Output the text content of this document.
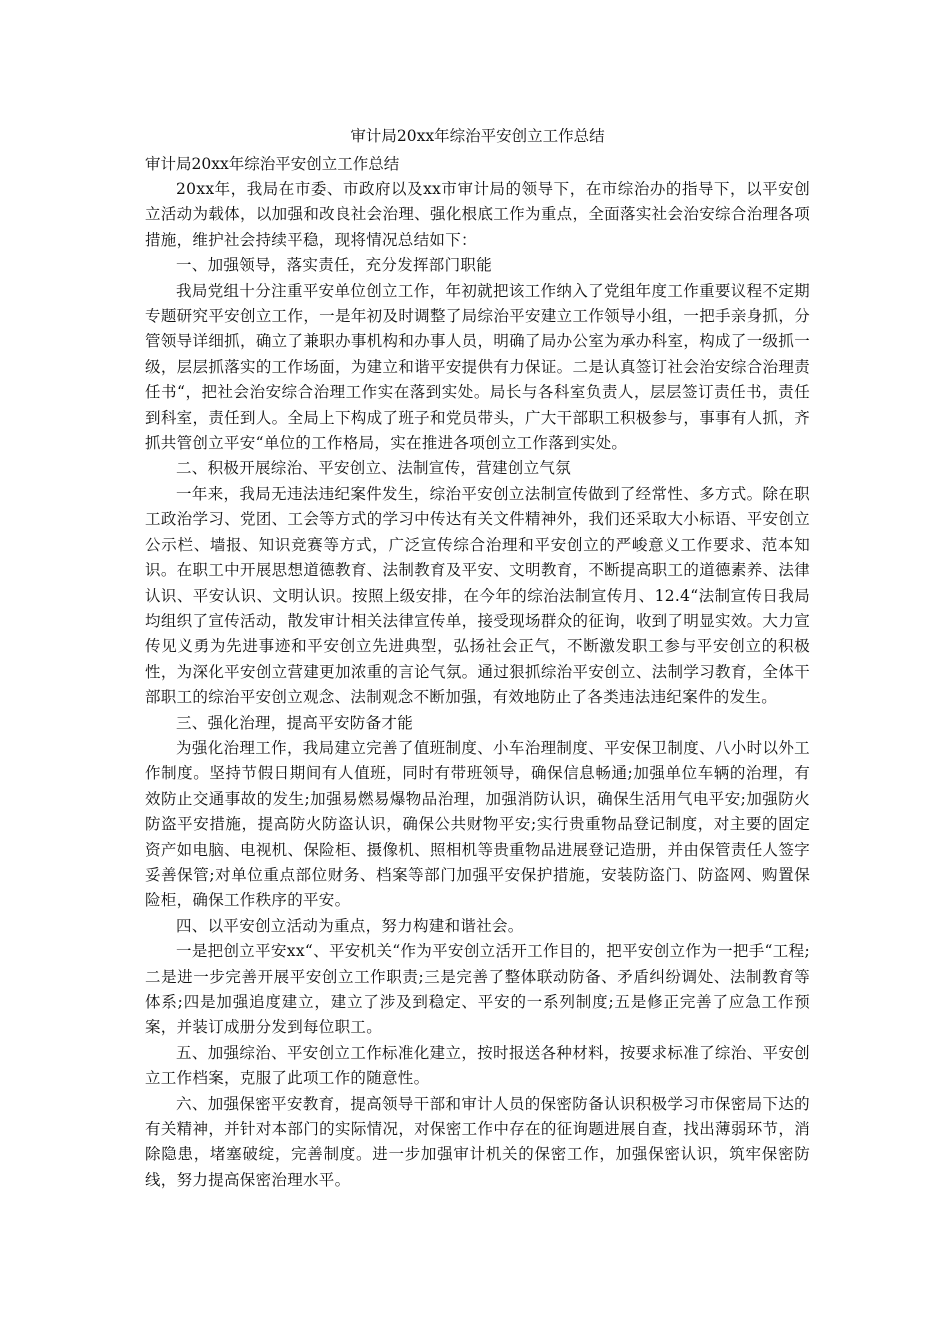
审计局20xx年综治平安创立工作总结
审计局20xx年综治平安创立工作总结

20xx年，我局在市委、市政府以及xx市审计局的领导下，在市综治办的指导下，以平安创立活动为载体，以加强和改良社会治理、强化根底工作为重点，全面落实社会治安综合治理各项措施，维护社会持续平稳，现将情况总结如下：

一、加强领导，落实责任，充分发挥部门职能

我局党组十分注重平安单位创立工作，年初就把该工作纳入了党组年度工作重要议程不定期专题研究平安创立工作，一是年初及时调整了局综治平安建立工作领导小组，一把手亲身抓，分管领导详细抓，确立了兼职办事机构和办事人员，明确了局办公室为承办科室，构成了一级抓一级，层层抓落实的工作场面，为建立和谐平安提供有力保证。二是认真签订社会治安综合治理责任书“，把社会治安综合治理工作实在落到实处。局长与各科室负责人，层层签订责任书，责任到科室，责任到人。全局上下构成了班子和党员带头，广大干部职工积极参与，事事有人抓，齐抓共管创立平安“单位的工作格局，实在推进各项创立工作落到实处。

二、积极开展综治、平安创立、法制宣传，营建创立气氛

一年来，我局无违法违纪案件发生，综治平安创立法制宣传做到了经常性、多方式。除在职工政治学习、党团、工会等方式的学习中传达有关文件精神外，我们还采取大小标语、平安创立公示栏、墙报、知识竞赛等方式，广泛宣传综合治理和平安创立的严峻意义工作要求、范本知识。在职工中开展思想道德教育、法制教育及平安、文明教育，不断提高职工的道德素养、法律认识、平安认识、文明认识。按照上级安排，在今年的综治法制宣传月、12.4“法制宣传日我局均组织了宣传活动，散发审计相关法律宣传单，接受现场群众的征询，收到了明显实效。大力宣传见义勇为先进事迹和平安创立先进典型，弘扬社会正气，不断激发职工参与平安创立的积极性，为深化平安创立营建更加浓重的言论气氛。通过狠抓综治平安创立、法制学习教育，全体干部职工的综治平安创立观念、法制观念不断加强，有效地防止了各类违法违纪案件的发生。

三、强化治理，提高平安防备才能

为强化治理工作，我局建立完善了值班制度、小车治理制度、平安保卫制度、八小时以外工作制度。坚持节假日期间有人值班，同时有带班领导，确保信息畅通;加强单位车辆的治理，有效防止交通事故的发生;加强易燃易爆物品治理，加强消防认识，确保生活用气电平安;加强防火防盗平安措施，提高防火防盗认识，确保公共财物平安;实行贵重物品登记制度，对主要的固定资产如电脑、电视机、保险柜、摄像机、照相机等贵重物品进展登记造册，并由保管责任人签字妥善保管;对单位重点部位财务、档案等部门加强平安保护措施，安装防盗门、防盗网、购置保险柜，确保工作秩序的平安。

四、以平安创立活动为重点，努力构建和谐社会。

一是把创立平安xx“、平安机关“作为平安创立活开工作目的，把平安创立作为一把手“工程;二是进一步完善开展平安创立工作职责;三是完善了整体联动防备、矛盾纠纷调处、法制教育等体系;四是加强追度建立，建立了涉及到稳定、平安的一系列制度;五是修正完善了应急工作预案，并装订成册分发到每位职工。

五、加强综治、平安创立工作标准化建立，按时报送各种材料，按要求标准了综治、平安创立工作档案，克服了此项工作的随意性。

六、加强保密平安教育，提高领导干部和审计人员的保密防备认识积极学习市保密局下达的有关精神，并针对本部门的实际情况，对保密工作中存在的征询题进展自查，找出薄弱环节，消除隐患，堵塞破绽，完善制度。进一步加强审计机关的保密工作，加强保密认识，筑牢保密防线，努力提高保密治理水平。
